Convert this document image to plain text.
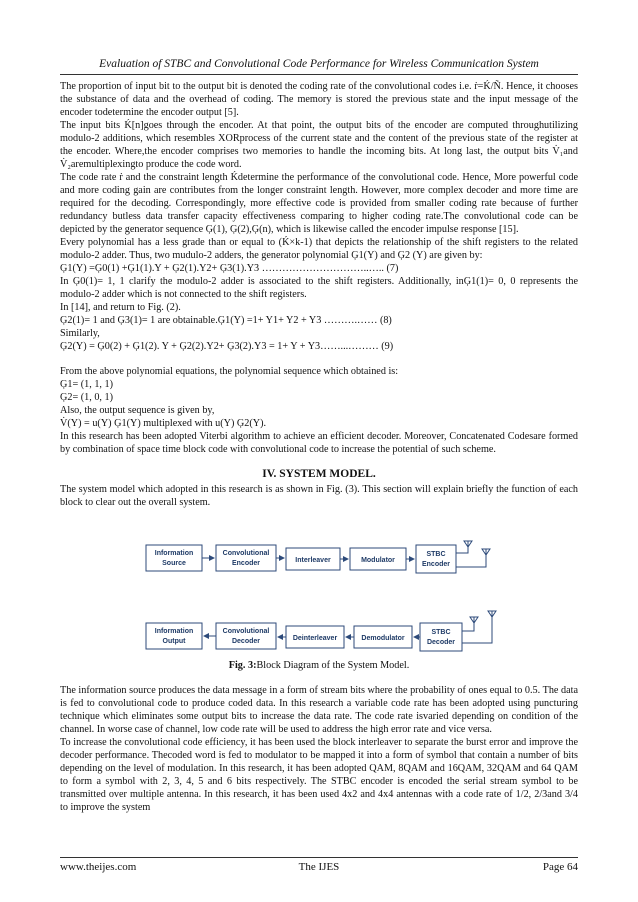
Evaluation of STBC and Convolutional Code Performance for Wireless Communication System

The proportion of input bit to the output bit is denoted the coding rate of the convolutional codes i.e. ṙ=Ḱ/Ñ. Hence, it chooses the substance of data and the overhead of coding. The memory is stored the previous state and the input message of the encoder todetermine the encoder output [5].

The input bits Ḱ[n]goes through the encoder. At that point, the output bits of the encoder are computed throughutilizing modulo-2 additions, which resembles XORprocess of the current state and the content of the previous state of the register at the encoder. Where,the encoder comprises two memories to handle the incoming bits. At long last, the output bits V̇₁and V̇₂aremultiplexingto produce the code word.

The code rate ṙ and the constraint length Ḱdetermine the performance of the convolutional code. Hence, More powerful code and more coding gain are contributes from the longer constraint length. However, more complex decoder and more time are required for the decoding. Correspondingly, more effective code is provided from smaller coding rate because of further redundancy butless data transfer capacity effectiveness comparing to higher coding rate.The convolutional code can be depicted by the generator sequence Ģ(1), Ģ(2),Ģ(n), which is likewise called the encoder impulse response [15].

Every polynomial has a less grade than or equal to (Ḱ×k-1) that depicts the relationship of the shift registers to the related modulo-2 adder. Thus, two mudulo-2 adders, the generator polynomial Ģ1(Y) and Ģ2 (Y) are given by:

Ģ1(Y) =Ģ0(1) +Ģ1(1).Y + Ģ2(1).Y2+ Ģ3(1).Y3 …………………………..….. (7)

In Ģ0(1)= 1, 1 clarify the modulo-2 adder is associated to the shift registers. Additionally, inĢ1(1)= 0, 0 represents the modulo-2 adder which is not connected to the shift registers.

In [14], and return to Fig. (2).

Ģ2(1)= 1 and Ģ3(1)= 1 are obtainable.Ģ1(Y) =1+ Y1+ Y2 + Y3 ……….…… (8)

Similarly,

Ģ2(Y) = Ģ0(2) + Ģ1(2). Y + Ģ2(2).Y2+ Ģ3(2).Y3 = 1+ Y + Y3……...……… (9)

From the above polynomial equations, the polynomial sequence which obtained is:

Ģ1= (1, 1, 1)

Ģ2= (1, 0, 1)

Also, the output sequence is given by,

V̇(Y) = u(Y) Ģ1(Y) multiplexed with u(Y) Ģ2(Y).

In this research has been adopted Viterbi algorithm to achieve an efficient decoder. Moreover, Concatenated Codesare formed by combination of space time block code with convolutional code to increase the potential of such scheme.

IV. SYSTEM MODEL.

The system model which adopted in this research is as shown in Fig. (3). This section will explain briefly the function of each block to clear out the overall system.

Information
Source
Convolutional
Encoder	Interleaver	Modulator
STBC
Encoder
Information
Output
Convolutional
Decoder	Deinterleaver	Demodulator
STBC
Decoder
Fig. 3:Block Diagram of the System Model.

The information source produces the data message in a form of stream bits where the probability of ones equal to 0.5. The data is fed to convolutional code to produce coded data. In this research a variable code rate has been adopted using puncturing technique which eliminates some output bits to increase the data rate. The code rate isvaried depending on condition of the channel. In worse case of channel, low code rate will be used to address the high error rate and vice versa.

To increase the convolutional code efficiency, it has been used the block interleaver to separate the burst error and improve the decoder performance. Thecoded word is fed to modulator to be mapped it into a form of symbol that contain a number of bits depending on the level of modulation. In this research, it has been adopted QAM, 8QAM and 16QAM, 32QAM and 64 QAM to form a symbol with 2, 3, 4, 5 and 6 bits respectively. The STBC encoder is encoded the serial stream symbol to be transmitted over multiple antenna. In this research, it has been used 4x2 and 4x4 antennas with a code rate of 1/2, 2/3and 3/4 to improve the system

www.theijes.com	The IJES	Page 64
